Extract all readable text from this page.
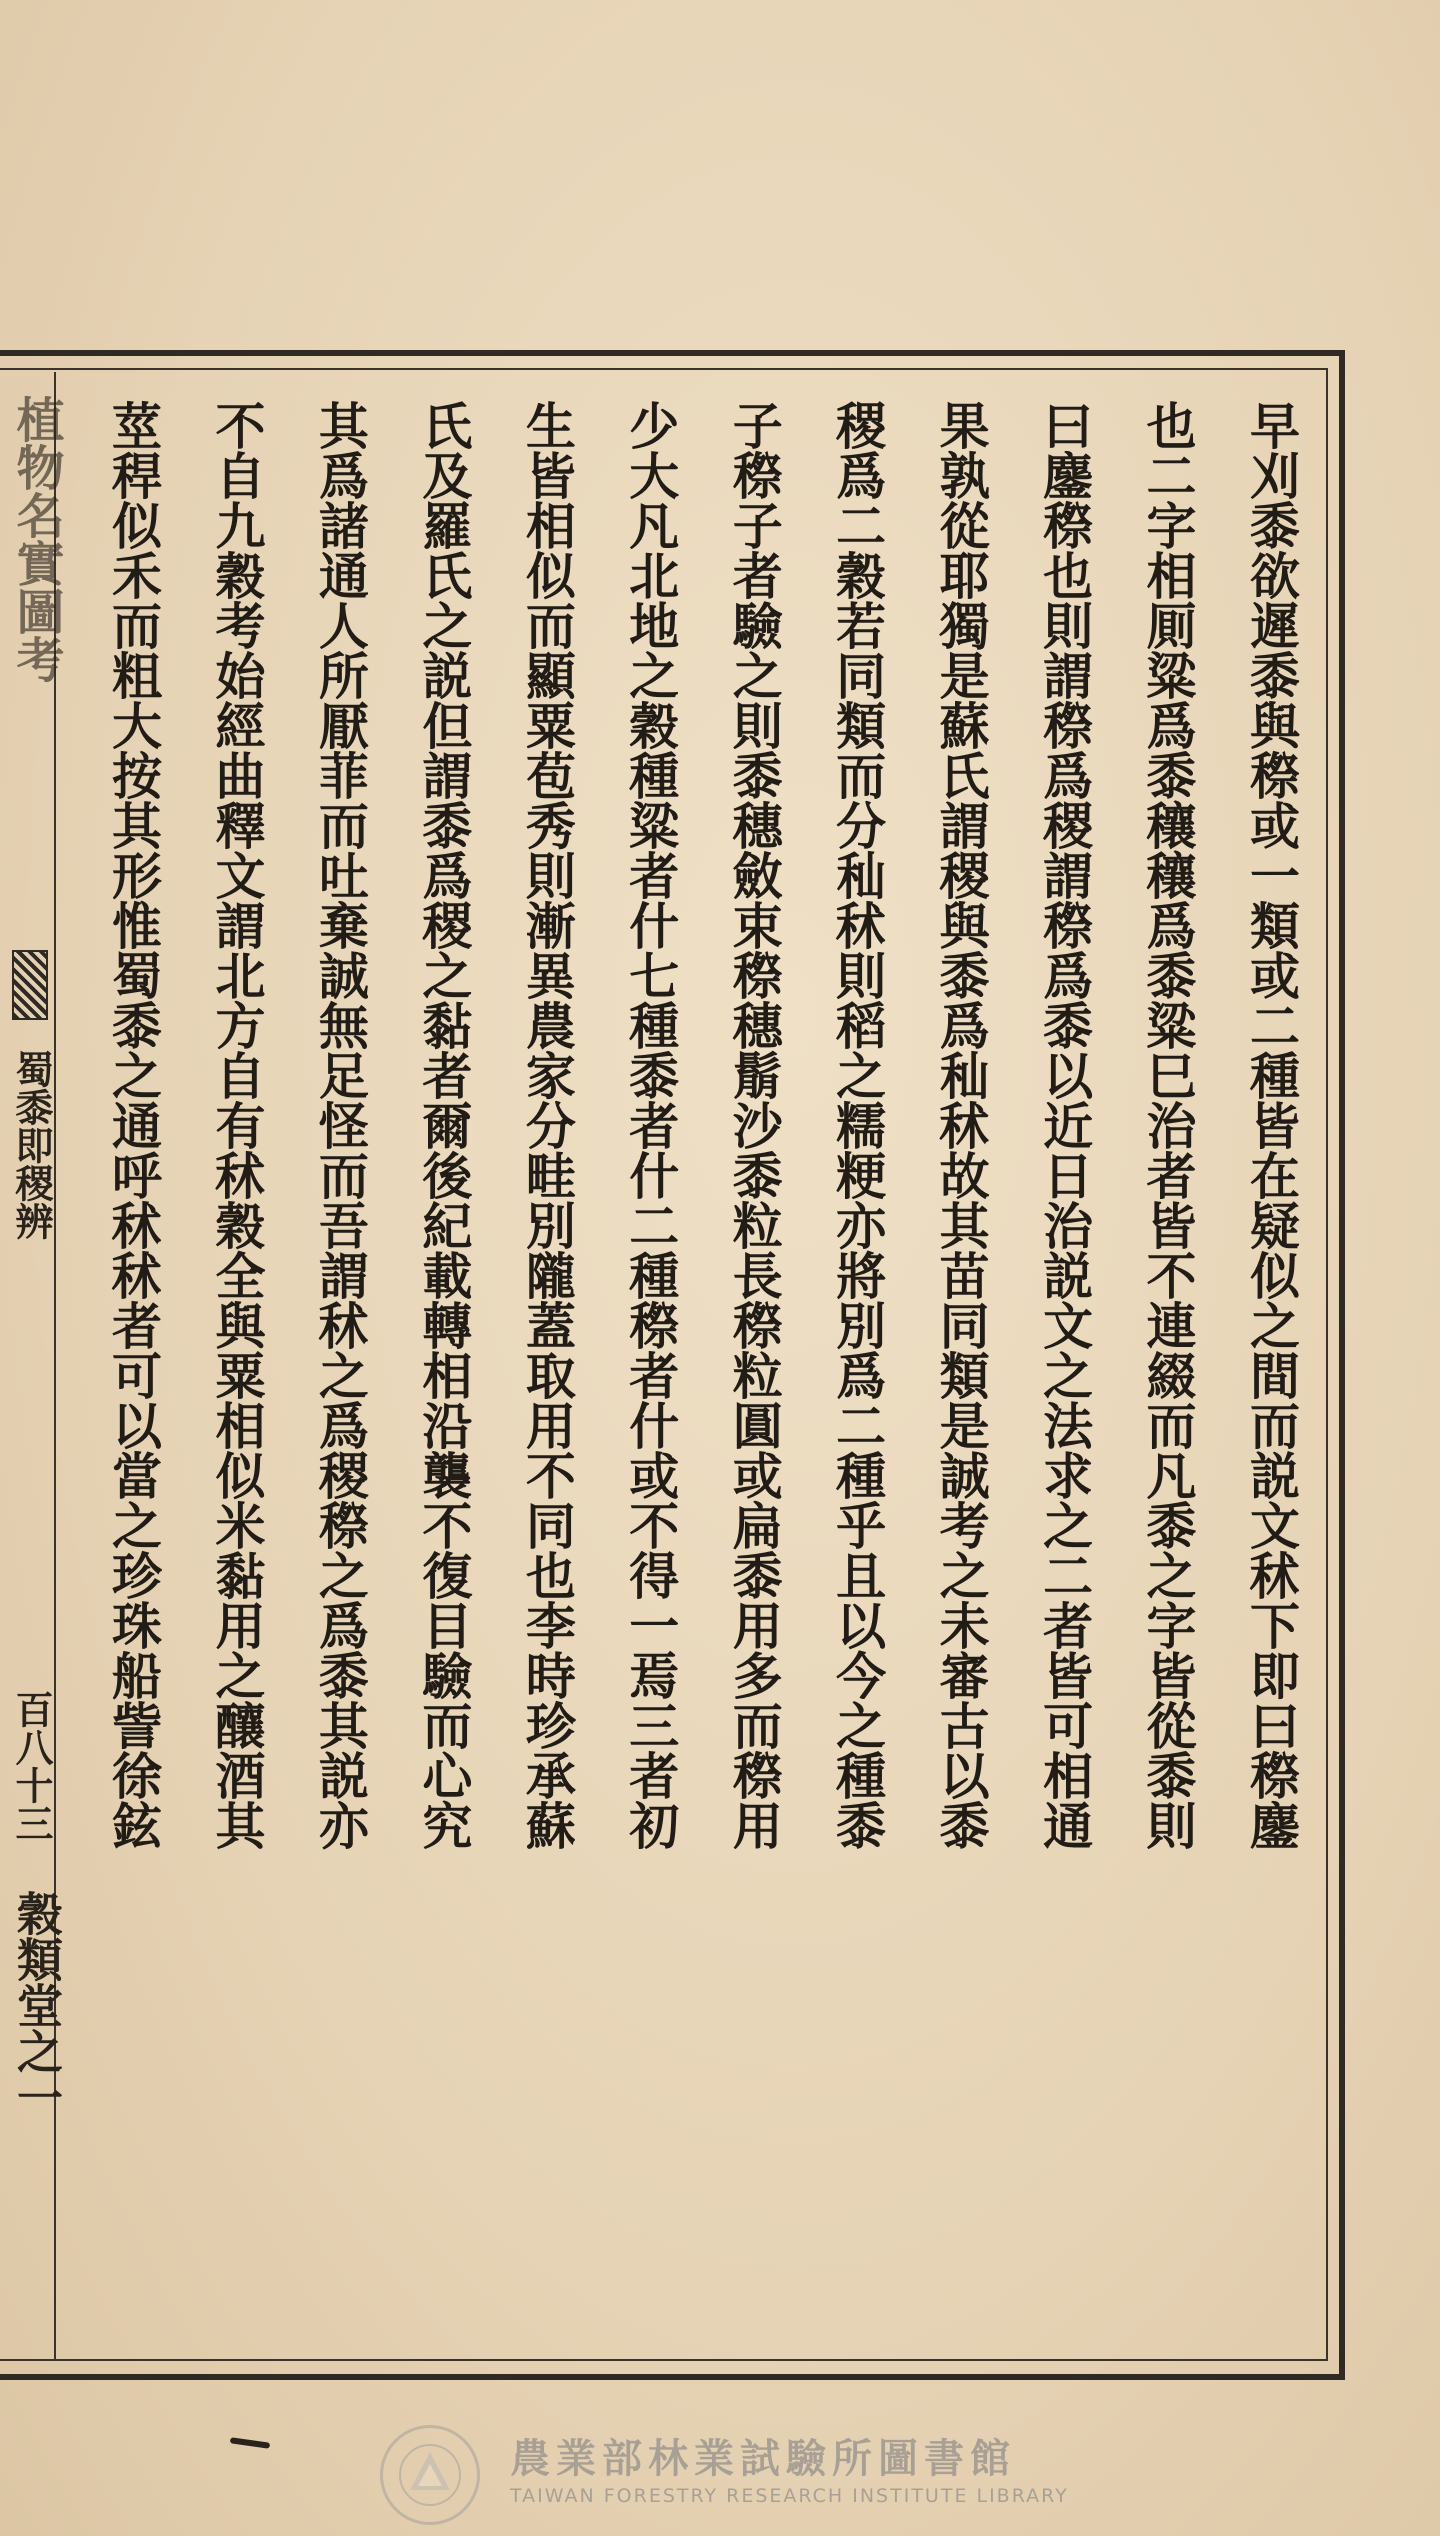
植物名實圖考
蜀黍即稷辨
百八十三
穀類堂之一
早刈黍欲遲黍與穄或一類或二種皆在疑似之間而説文秫下即曰穄鏖
也二字相厠粱爲黍穰穰爲黍粱巳治者皆不連綴而凡黍之字皆從黍則
曰鏖穄也則謂穄爲稷謂穄爲黍以近日治説文之法求之二者皆可相通
果孰從耶獨是蘇氏謂稷與黍爲秈秫故其苗同類是誠考之未審古以黍
稷爲二穀若同類而分秈秫則稻之糯粳亦將別爲二種乎且以今之種黍
子穄子者驗之則黍穗斂束穄穗鬅沙黍粒長穄粒圓或扁黍用多而穄用
少大凡北地之穀種粱者什七種黍者什二種穄者什或不得一焉三者初
生皆相似而顯粟苞秀則漸異農家分畦別隴蓋取用不同也李時珍承蘇
氏及羅氏之説但謂黍爲稷之黏者爾後紀載轉相沿襲不復目驗而心究
其爲諸通人所厭菲而吐棄誠無足怪而吾謂秫之爲稷穄之爲黍其説亦
不自九穀考始經曲釋文謂北方自有秫穀全與粟相似米黏用之釀酒其
莖稈似禾而粗大按其形惟蜀黍之通呼秫秫者可以當之珍珠船訾徐鉉
農業部林業試驗所圖書館
TAIWAN FORESTRY RESEARCH INSTITUTE LIBRARY
